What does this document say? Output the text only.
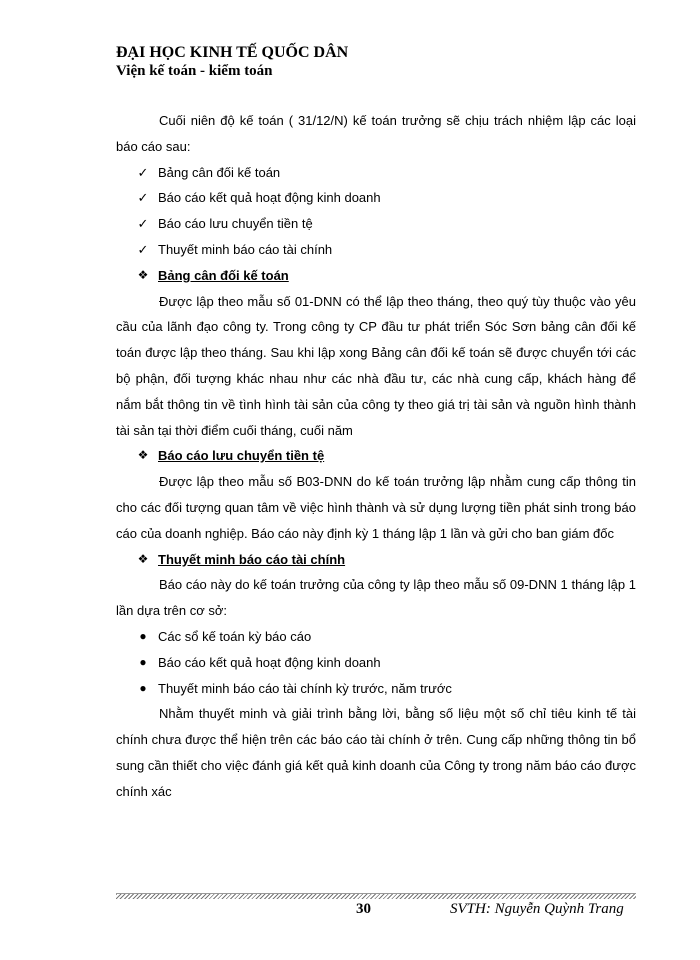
ĐẠI HỌC KINH TẾ QUỐC DÂN

Viện kế toán - kiểm toán

Cuối niên độ kế toán ( 31/12/N) kế toán trưởng sẽ chịu trách nhiệm lập các loại báo cáo sau:

✓ Bảng cân đối kế toán
✓ Báo cáo kết quả hoạt động kinh doanh
✓ Báo cáo lưu chuyển tiền tệ
✓ Thuyết minh báo cáo tài chính
❖ Bảng cân đối kế toán

Được lập theo mẫu số 01-DNN có thể lập theo tháng, theo quý tùy thuộc vào yêu cầu của lãnh đạo công ty. Trong công ty CP đầu tư phát triển Sóc Sơn bảng cân đối kế toán được lập theo tháng. Sau khi lập xong Bảng cân đối kế toán sẽ được chuyển tới các bộ phận, đối tượng khác nhau như các nhà đầu tư, các nhà cung cấp, khách hàng để nắm bắt thông tin về tình hình tài sản của công ty theo giá trị tài sản và nguồn hình thành tài sản tại thời điểm cuối tháng, cuối năm

❖ Báo cáo lưu chuyển tiền tệ

Được lập theo mẫu số B03-DNN do kế toán trưởng lập nhằm cung cấp thông tin cho các đối tượng quan tâm về việc hình thành và sử dụng lượng tiền phát sinh trong báo cáo của doanh nghiệp. Báo cáo này định kỳ 1 tháng lập 1 lần và gửi cho ban giám đốc

❖ Thuyết minh báo cáo tài chính

Báo cáo này do kế toán trưởng của công ty lập theo mẫu số 09-DNN 1 tháng lập 1 lần dựa trên cơ sở:

● Các sổ kế toán kỳ báo cáo
● Báo cáo kết quả hoạt động kinh doanh
● Thuyết minh báo cáo tài chính kỳ trước, năm trước

Nhằm thuyết minh và giải trình bằng lời, bằng số liệu một số chỉ tiêu kinh tế tài chính chưa được thể hiện trên các báo cáo tài chính ở trên. Cung cấp những thông tin bổ sung cần thiết cho việc đánh giá kết quả kinh doanh của Công ty trong năm báo cáo được chính xác

30	SVTH: Nguyễn Quỳnh Trang
